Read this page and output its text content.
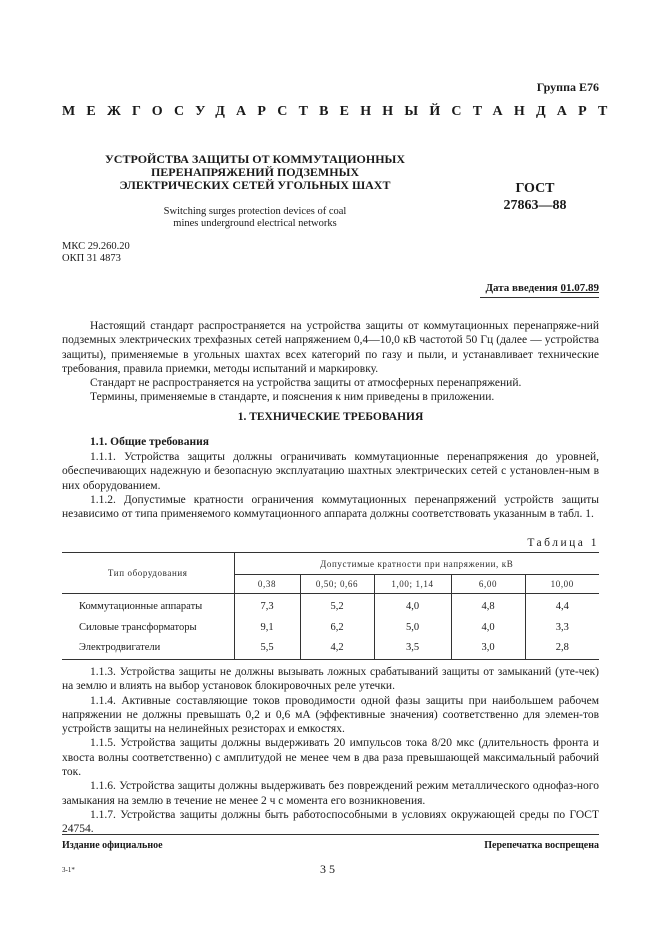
Группа Е76
МЕЖГОСУДАРСТВЕННЫЙ СТАНДАРТ
УСТРОЙСТВА ЗАЩИТЫ ОТ КОММУТАЦИОННЫХ
ПЕРЕНАПРЯЖЕНИЙ ПОДЗЕМНЫХ
ЭЛЕКТРИЧЕСКИХ СЕТЕЙ УГОЛЬНЫХ ШАХТ
Switching surges protection devices of coal
mines underground electrical networks
ГОСТ
27863—88
МКС 29.260.20
ОКП 31 4873
Дата введения 01.07.89

Настоящий стандарт распространяется на устройства защиты от коммутационных перенапряже-ний подземных электрических трехфазных сетей напряжением 0,4—10,0 кВ частотой 50 Гц (далее — устройства защиты), применяемые в угольных шахтах всех категорий по газу и пыли, и устанавливает технические требования, правила приемки, методы испытаний и маркировку.

Стандарт не распространяется на устройства защиты от атмосферных перенапряжений.

Термины, применяемые в стандарте, и пояснения к ним приведены в приложении.

1. ТЕХНИЧЕСКИЕ ТРЕБОВАНИЯ
1.1. Общие требования

1.1.1. Устройства защиты должны ограничивать коммутационные перенапряжения до уровней, обеспечивающих надежную и безопасную эксплуатацию шахтных электрических сетей с установлен-ным в них оборудованием.

1.1.2. Допустимые кратности ограничения коммутационных перенапряжений устройств защиты независимо от типа применяемого коммутационного аппарата должны соответствовать указанным в табл. 1.

Таблица 1
Тип оборудования	Допустимые кратности при напряжении, кВ				
	0,38	0,50; 0,66	1,00; 1,14	6,00	10,00
Коммутационные аппараты	7,3	5,2	4,0	4,8	4,4
Силовые трансформаторы	9,1	6,2	5,0	4,0	3,3
Электродвигатели	5,5	4,2	3,5	3,0	2,8

1.1.3. Устройства защиты не должны вызывать ложных срабатываний защиты от замыканий (уте-чек) на землю и влиять на выбор установок блокировочных реле утечки.

1.1.4. Активные составляющие токов проводимости одной фазы защиты при наибольшем рабочем напряжении не должны превышать 0,2 и 0,6 мА (эффективные значения) соответственно для элемен-тов устройств защиты на нелинейных резисторах и емкостях.

1.1.5. Устройства защиты должны выдерживать 20 импульсов тока 8/20 мкс (длительность фронта и хвоста волны соответственно) с амплитудой не менее чем в два раза превышающей максимальный рабочий ток.

1.1.6. Устройства защиты должны выдерживать без повреждений режим металлического однофаз-ного замыкания на землю в течение не менее 2 ч с момента его возникновения.

1.1.7. Устройства защиты должны быть работоспособными в условиях окружающей среды по ГОСТ 24754.

Издание официальное	Перепечатка воспрещена
35
3-1*
